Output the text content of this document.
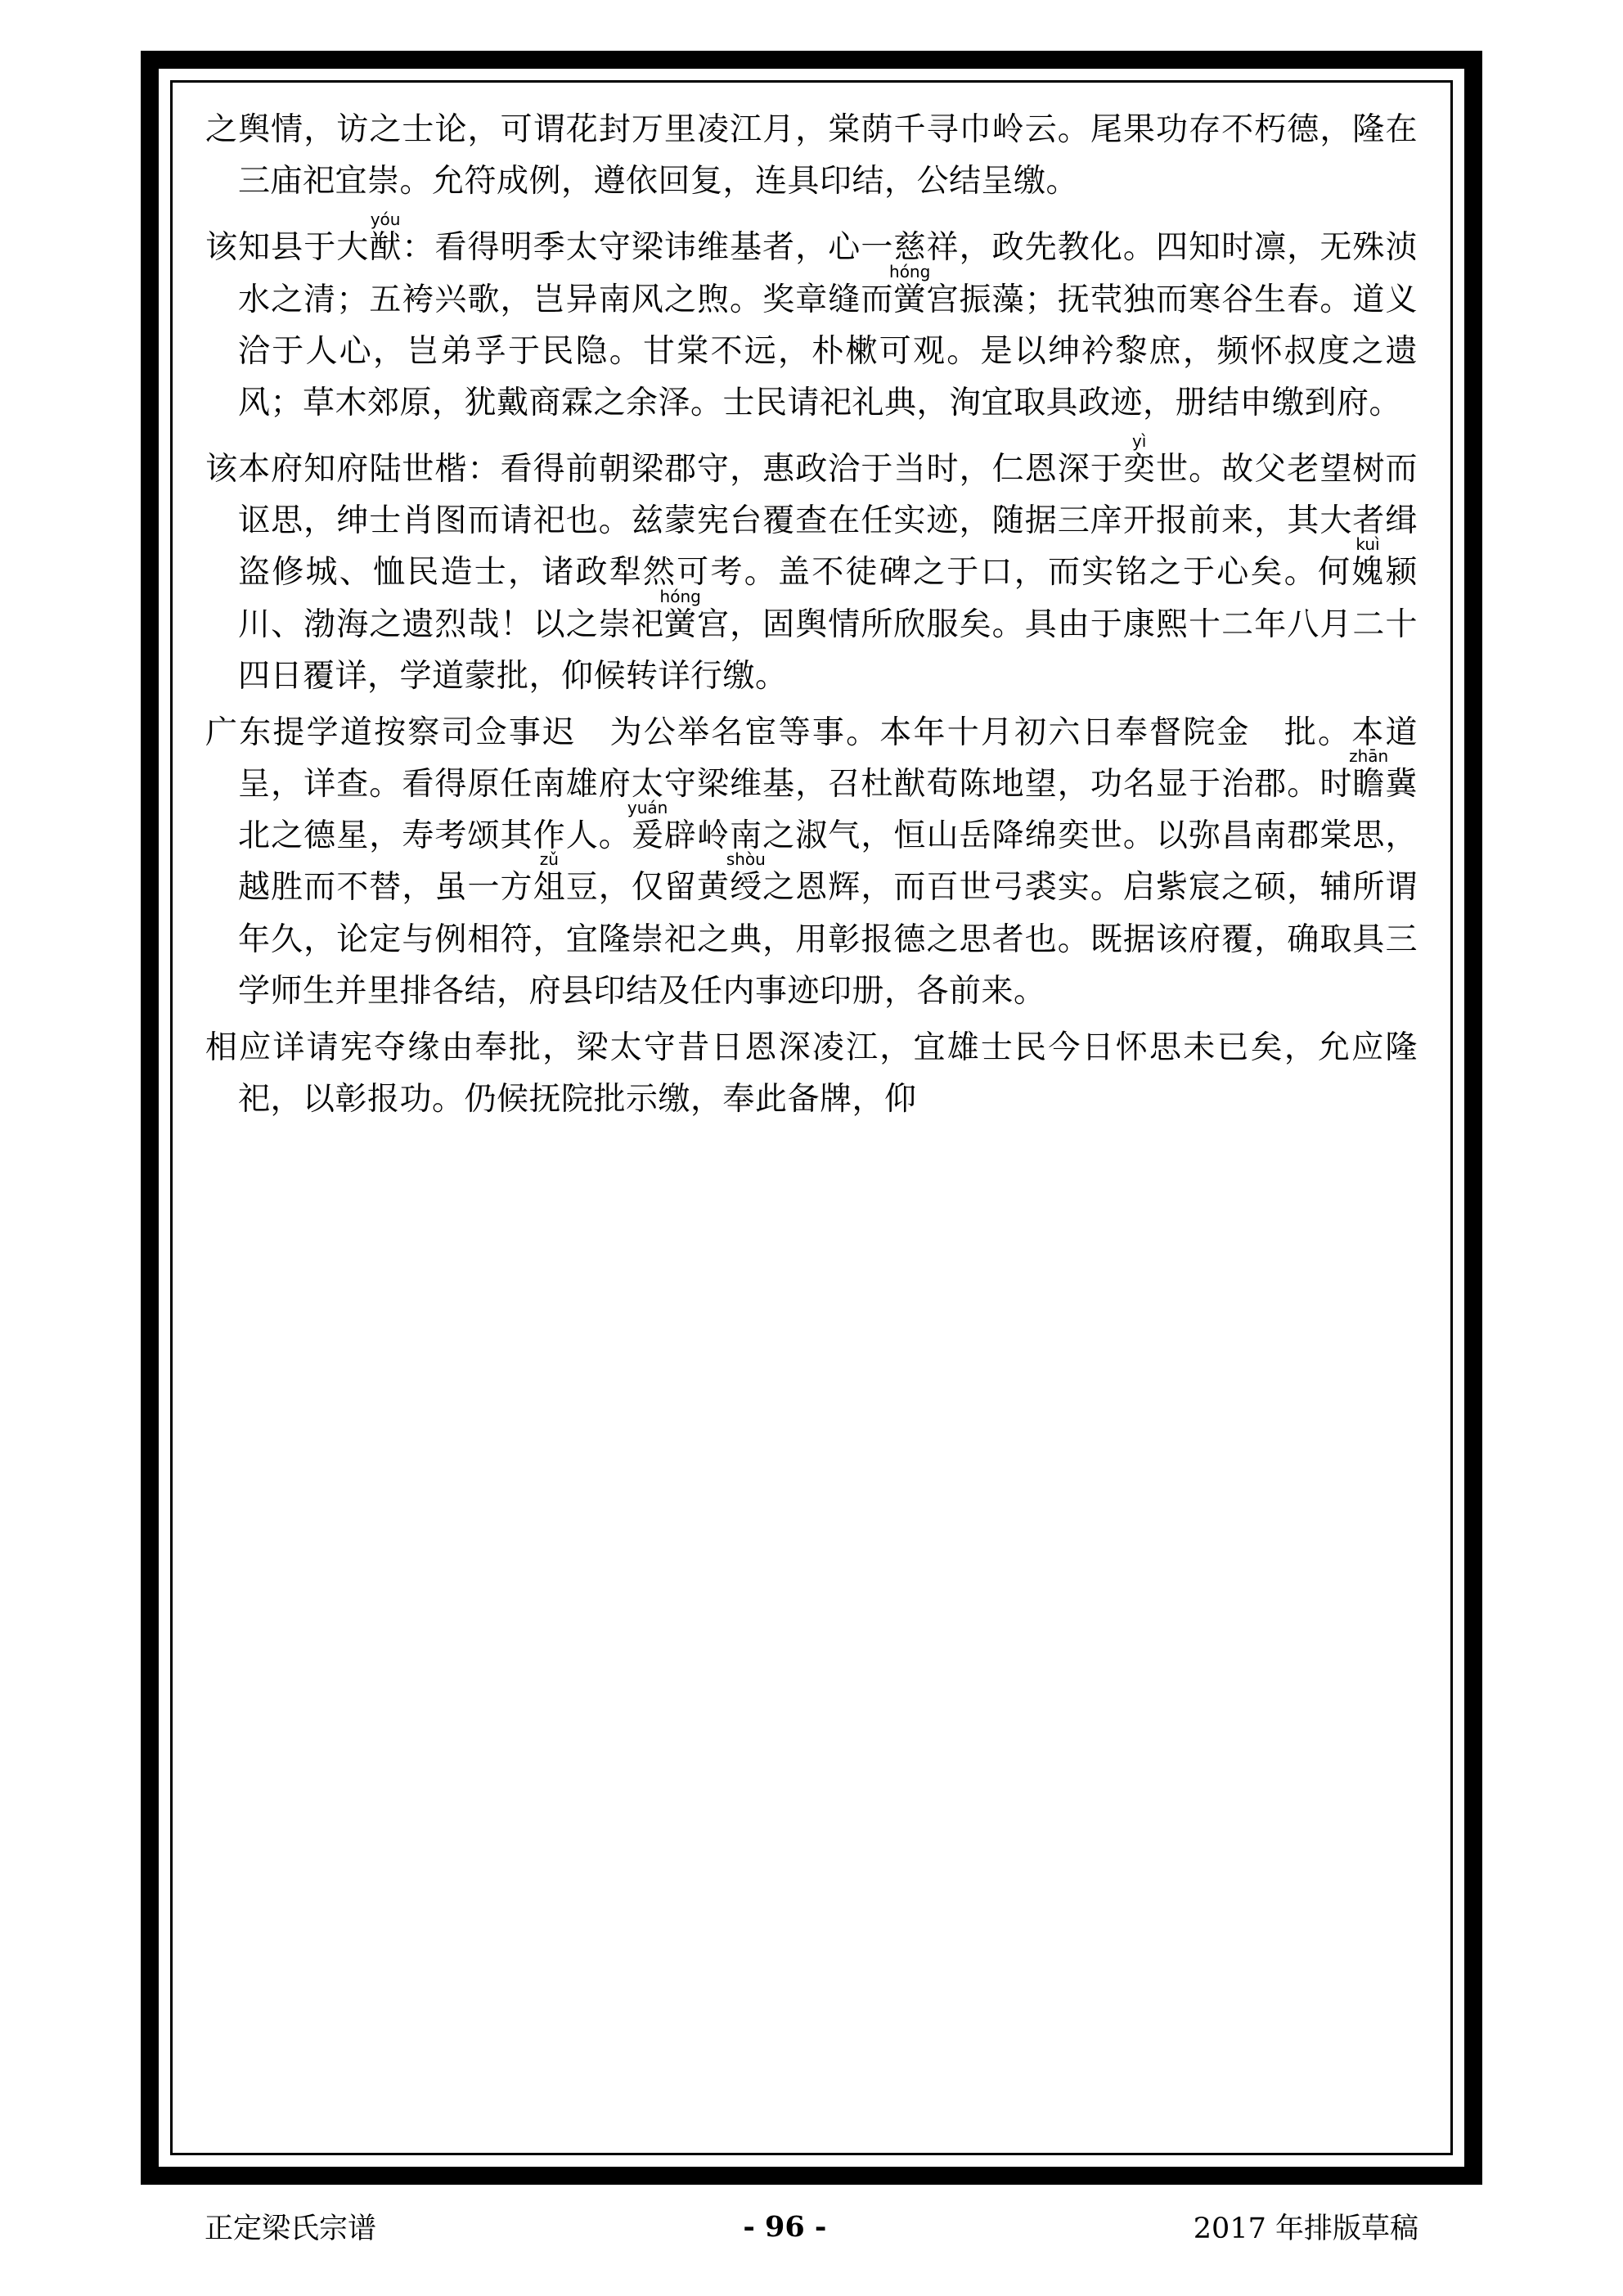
之舆情，访之士论，可谓花封万里凌江月，棠荫千寻巾岭云。尾果功存不朽德，隆在三庙祀宜崇。允符成例，遵依回复，连具印结，公结呈缴。

该知县于大猷yóu：看得明季太守梁讳维基者，心一慈祥，政先教化。四知时凛，无殊浈水之清；五袴兴歌，岂异南风之煦。奖章缝而黉hóng宫振藻；抚茕独而寒谷生春。道义洽于人心，岂弟孚于民隐。甘棠不远，朴樕可观。是以绅衿黎庶，频怀叔度之遗风；草木郊原，犹戴商霖之余泽。士民请祀礼典，洵宜取具政迹，册结申缴到府。

该本府知府陆世楷：看得前朝梁郡守，惠政洽于当时，仁恩深于奕yì世。故父老望树而讴思，绅士肖图而请祀也。兹蒙宪台覆查在任实迹，随据三庠开报前来，其大者缉盗修城、恤民造士，诸政犁然可考。盖不徒碑之于口，而实铭之于心矣。何媿kuì颍川、渤海之遗烈哉！以之崇祀黉hóng宫，固舆情所欣服矣。具由于康熙十二年八月二十四日覆详，学道蒙批，仰候转详行缴。

广东提学道按察司佥事迟　为公举名宦等事。本年十月初六日奉督院金　批。本道呈，详查。看得原任南雄府太守梁维基，召杜猷荀陈地望，功名显于治郡。时瞻zhān冀北之德星，寿考颂其作人。爰yuán辟岭南之淑气，恒山岳降绵奕世。以弥昌南郡棠思，越胜而不替，虽一方俎zǔ豆，仅留黄绶shòu之恩辉，而百世弓裘实。启紫宸之硕，辅所谓年久，论定与例相符，宜隆崇祀之典，用彰报德之思者也。既据该府覆，确取具三学师生并里排各结，府县印结及任内事迹印册，各前来。

相应详请宪夺缘由奉批，梁太守昔日恩深凌江，宜雄士民今日怀思未已矣，允应隆祀，以彰报功。仍候抚院批示缴，奉此备牌，仰

正定梁氏宗谱	- 96 -	2017 年排版草稿
